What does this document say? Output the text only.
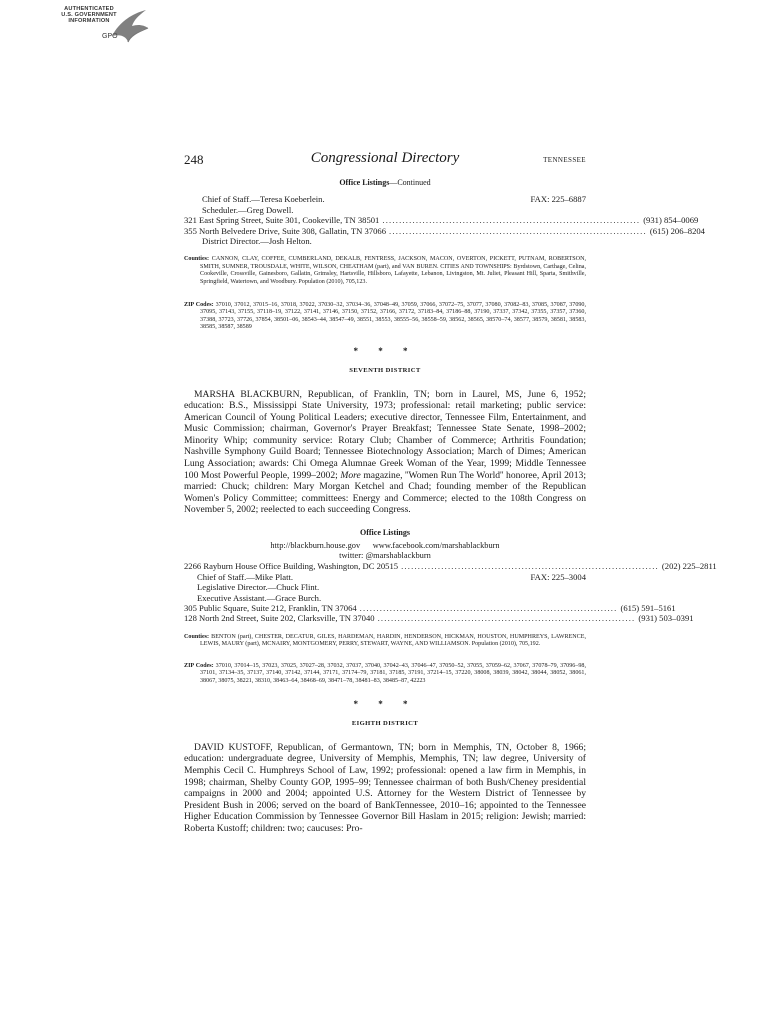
AUTHENTICATED
U.S. GOVERNMENT
INFORMATION
GPO
248	Congressional Directory	TENNESSEE
Office Listings—Continued
Chief of Staff.—Teresa Koeberlein.	FAX: 225–6887
Scheduler.—Greg Dowell.
321 East Spring Street, Suite 301, Cookeville, TN 38501 ............................................................................. (931) 854–0069
355 North Belvedere Drive, Suite 308, Gallatin, TN 37066 ............................................................................. (615) 206–8204
District Director.—Josh Helton.
Counties: CANNON, CLAY, COFFEE, CUMBERLAND, DEKALB, FENTRESS, JACKSON, MACON, OVERTON, PICKETT, PUTNAM, ROBERTSON, SMITH, SUMNER, TROUSDALE, WHITE, WILSON, CHEATHAM (part), and VAN BUREN. CITIES AND TOWNSHIPS: Byrdstown, Carthage, Celina, Cookeville, Crossville, Gainesboro, Gallatin, Grimsley, Hartsville, Hillsboro, Lafayette, Lebanon, Livingston, Mt. Juliet, Pleasant Hill, Sparta, Smithville, Springfield, Watertown, and Woodbury. Population (2010), 705,123.
ZIP Codes: 37010, 37012, 37015–16, 37018, 37022, 37030–32, 37034–36, 37048–49, 37059, 37066, 37072–75, 37077, 37080, 37082–83, 37085, 37087, 37090, 37095, 37143, 37155, 37118–19, 37122, 37141, 37146, 37150, 37152, 37166, 37172, 37183–84, 37186–88, 37190, 37337, 37342, 37355, 37357, 37360, 37388, 37723, 37726, 37854, 38501–06, 38543–44, 38547–49, 38551, 38553, 38555–56, 38558–59, 38562, 38565, 38570–74, 38577, 38579, 38581, 38583, 38585, 38587, 38589
* * *
SEVENTH DISTRICT

MARSHA BLACKBURN, Republican, of Franklin, TN; born in Laurel, MS, June 6, 1952; education: B.S., Mississippi State University, 1973; professional: retail marketing; public service: American Council of Young Political Leaders; executive director, Tennessee Film, Entertainment, and Music Commission; chairman, Governor's Prayer Breakfast; Tennessee State Senate, 1998–2002; Minority Whip; community service: Rotary Club; Chamber of Commerce; Arthritis Foundation; Nashville Symphony Guild Board; Tennessee Biotechnology Association; March of Dimes; American Lung Association; awards: Chi Omega Alumnae Greek Woman of the Year, 1999; Middle Tennessee 100 Most Powerful People, 1999–2002; More magazine, ''Women Run The World'' honoree, April 2013; married: Chuck; children: Mary Morgan Ketchel and Chad; founding member of the Republican Women's Policy Committee; committees: Energy and Commerce; elected to the 108th Congress on November 5, 2002; reelected to each succeeding Congress.

Office Listings
http://blackburn.house.gov www.facebook.com/marshablackburn
twitter: @marshablackburn
2266 Rayburn House Office Building, Washington, DC 20515 ............................................................................. (202) 225–2811
Chief of Staff.—Mike Platt.	FAX: 225–3004
Legislative Director.—Chuck Flint.
Executive Assistant.—Grace Burch.
305 Public Square, Suite 212, Franklin, TN 37064 ............................................................................. (615) 591–5161
128 North 2nd Street, Suite 202, Clarksville, TN 37040 ............................................................................. (931) 503–0391
Counties: BENTON (part), CHESTER, DECATUR, GILES, HARDEMAN, HARDIN, HENDERSON, HICKMAN, HOUSTON, HUMPHREYS, LAWRENCE, LEWIS, MAURY (part), MCNAIRY, MONTGOMERY, PERRY, STEWART, WAYNE, AND WILLIAMSON. Population (2010), 705,192.
ZIP Codes: 37010, 37014–15, 37023, 37025, 37027–28, 37032, 37037, 37040, 37042–43, 37046–47, 37050–52, 37055, 37059–62, 37067, 37078–79, 37096–98, 37101, 37134–35, 37137, 37140, 37142, 37144, 37171, 37174–79, 37181, 37185, 37191, 37214–15, 37220, 38008, 38039, 38042, 38044, 38052, 38061, 38067, 38075, 38221, 38310, 38463–64, 38468–69, 38471–78, 38481–83, 38485–87, 42223
* * *
EIGHTH DISTRICT

DAVID KUSTOFF, Republican, of Germantown, TN; born in Memphis, TN, October 8, 1966; education: undergraduate degree, University of Memphis, Memphis, TN; law degree, University of Memphis Cecil C. Humphreys School of Law, 1992; professional: opened a law firm in Memphis, in 1998; chairman, Shelby County GOP, 1995–99; Tennessee chairman of both Bush/Cheney presidential campaigns in 2000 and 2004; appointed U.S. Attorney for the Western District of Tennessee by President Bush in 2006; served on the board of BankTennessee, 2010–16; appointed to the Tennessee Higher Education Commission by Tennessee Governor Bill Haslam in 2015; religion: Jewish; married: Roberta Kustoff; children: two; caucuses: Pro-
